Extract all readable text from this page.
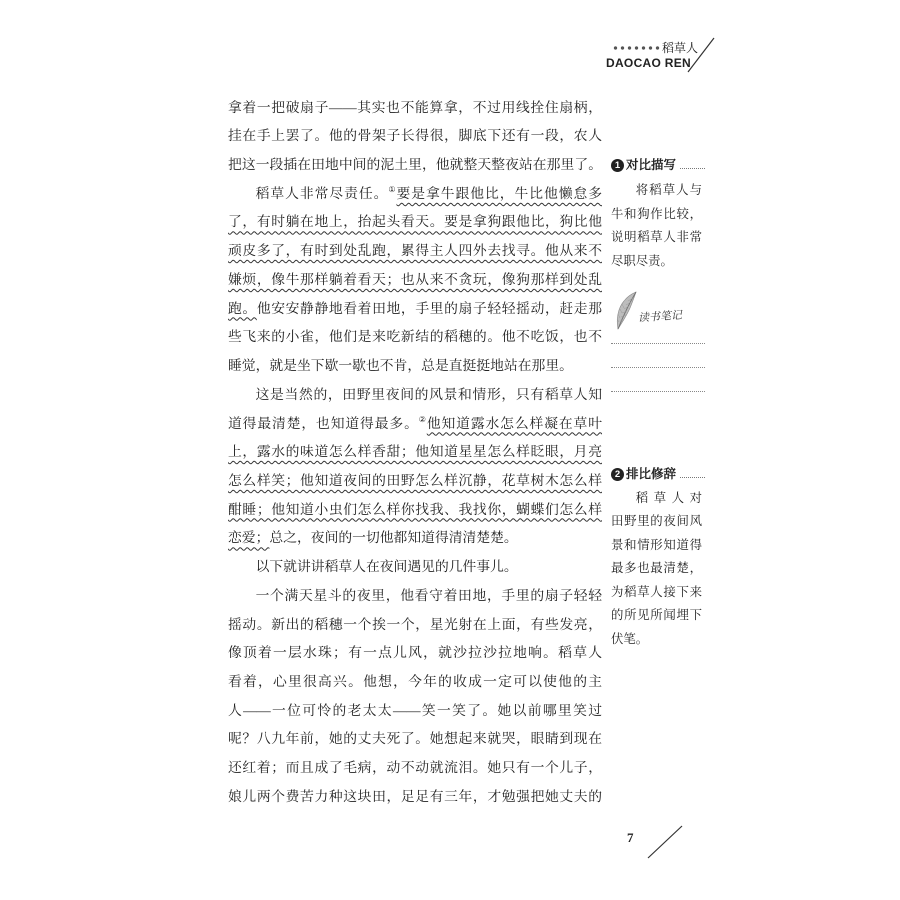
稻草人
DAOCAO REN
拿着一把破扇子——其实也不能算拿，不过用线拴住扇柄，
挂在手上罢了。他的骨架子长得很，脚底下还有一段，农人
把这一段插在田地中间的泥土里，他就整天整夜站在那里了。
稻草人非常尽责任。①要是拿牛跟他比，牛比他懒怠多
了，有时躺在地上，抬起头看天。要是拿狗跟他比，狗比他
顽皮多了，有时到处乱跑，累得主人四外去找寻。他从来不
嫌烦，像牛那样躺着看天；也从来不贪玩，像狗那样到处乱
跑。他安安静静地看着田地，手里的扇子轻轻摇动，赶走那
些飞来的小雀，他们是来吃新结的稻穗的。他不吃饭，也不
睡觉，就是坐下歇一歇也不肯，总是直挺挺地站在那里。
这是当然的，田野里夜间的风景和情形，只有稻草人知
道得最清楚，也知道得最多。②他知道露水怎么样凝在草叶
上，露水的味道怎么样香甜；他知道星星怎么样眨眼，月亮
怎么样笑；他知道夜间的田野怎么样沉静，花草树木怎么样
酣睡；他知道小虫们怎么样你找我、我找你，蝴蝶们怎么样
恋爱；总之，夜间的一切他都知道得清清楚楚。
以下就讲讲稻草人在夜间遇见的几件事儿。
一个满天星斗的夜里，他看守着田地，手里的扇子轻轻
摇动。新出的稻穗一个挨一个，星光射在上面，有些发亮，
像顶着一层水珠；有一点儿风，就沙拉沙拉地响。稻草人
看着，心里很高兴。他想，今年的收成一定可以使他的主
人——一位可怜的老太太——笑一笑了。她以前哪里笑过
呢？八九年前，她的丈夫死了。她想起来就哭，眼睛到现在
还红着；而且成了毛病，动不动就流泪。她只有一个儿子，
娘儿两个费苦力种这块田，足足有三年，才勉强把她丈夫的
1 对比描写
将稻草人与
牛和狗作比较，
说明稻草人非常
尽职尽责。
读书笔记
2 排比修辞
稻草人对
田野里的夜间风
景和情形知道得
最多也最清楚，
为稻草人接下来
的所见所闻埋下
伏笔。
7
